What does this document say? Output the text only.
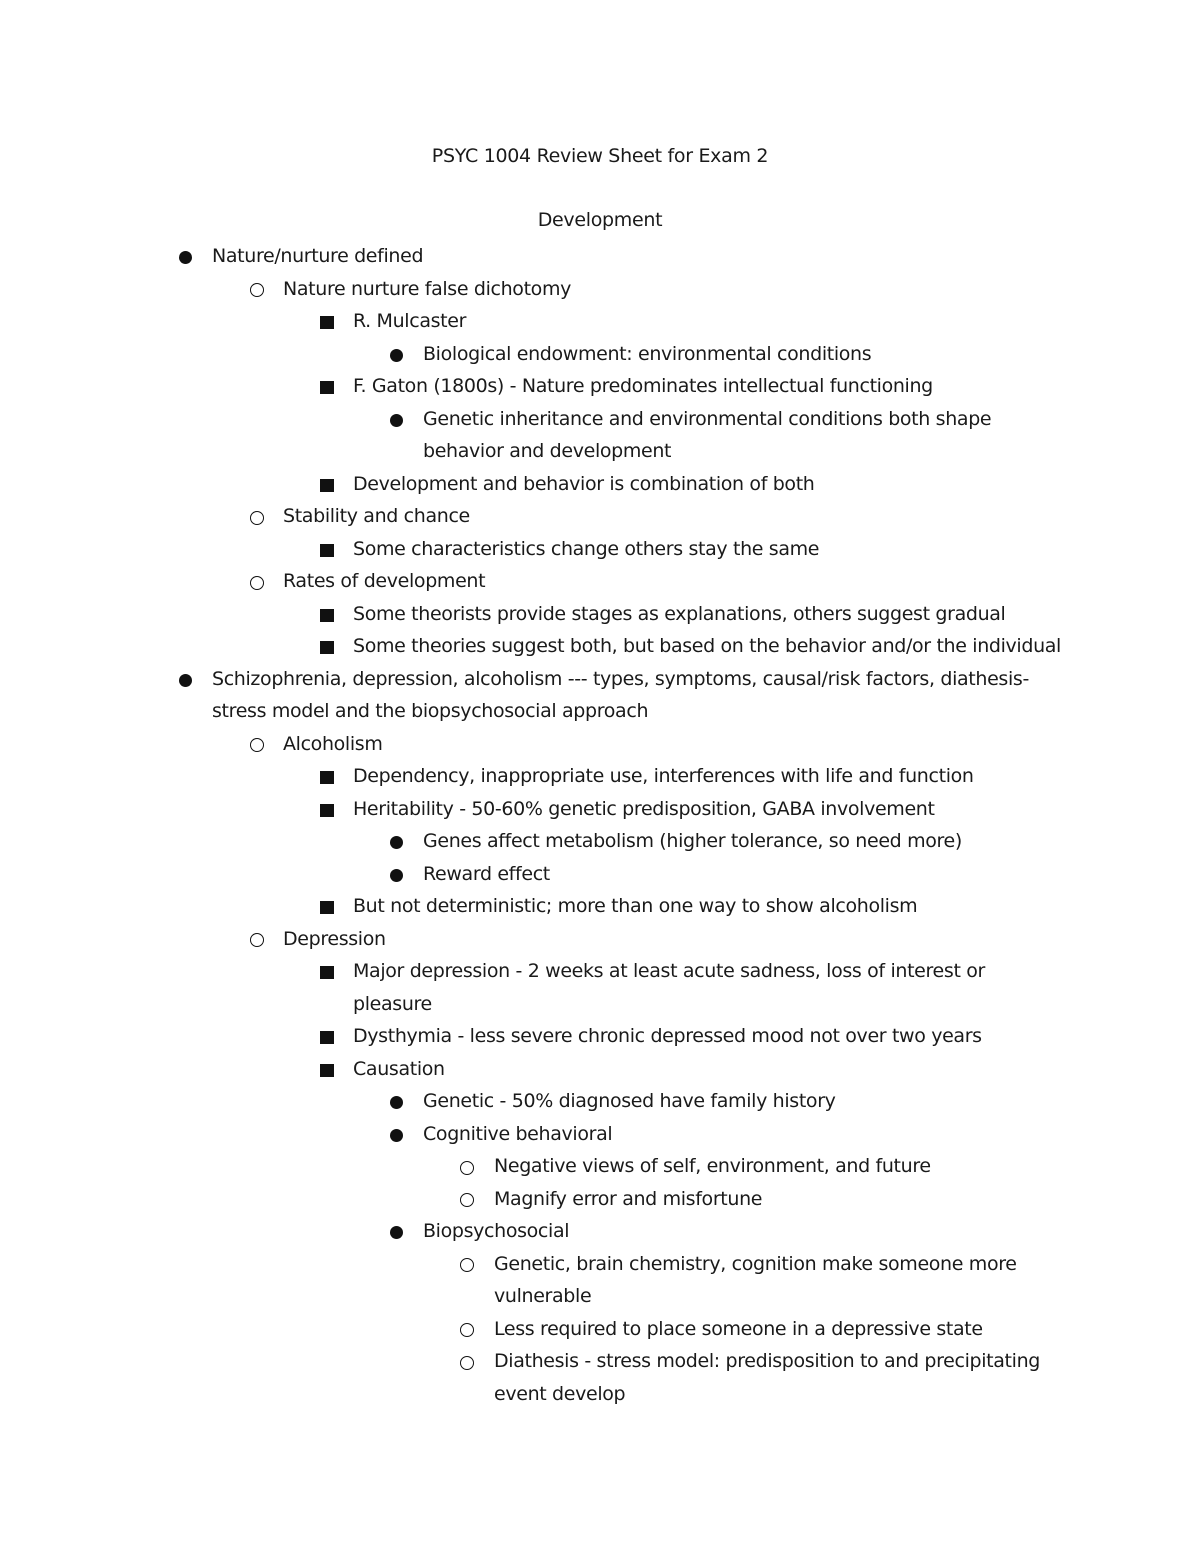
PSYC 1004 Review Sheet for Exam 2
Development
Nature/nurture defined
Nature nurture false dichotomy
R. Mulcaster
Biological endowment: environmental conditions
F. Gaton (1800s) - Nature predominates intellectual functioning
Genetic inheritance and environmental conditions both shape
behavior and development
Development and behavior is combination of both
Stability and chance
Some characteristics change others stay the same
Rates of development
Some theorists provide stages as explanations, others suggest gradual
Some theories suggest both, but based on the behavior and/or the individual
Schizophrenia, depression, alcoholism --- types, symptoms, causal/risk factors, diathesis-
stress model and the biopsychosocial approach
Alcoholism
Dependency, inappropriate use, interferences with life and function
Heritability - 50-60% genetic predisposition, GABA involvement
Genes affect metabolism (higher tolerance, so need more)
Reward effect
But not deterministic; more than one way to show alcoholism
Depression
Major depression - 2 weeks at least acute sadness, loss of interest or
pleasure
Dysthymia - less severe chronic depressed mood not over two years
Causation
Genetic - 50% diagnosed have family history
Cognitive behavioral
Negative views of self, environment, and future
Magnify error and misfortune
Biopsychosocial
Genetic, brain chemistry, cognition make someone more
vulnerable
Less required to place someone in a depressive state
Diathesis - stress model: predisposition to and precipitating
event develop
